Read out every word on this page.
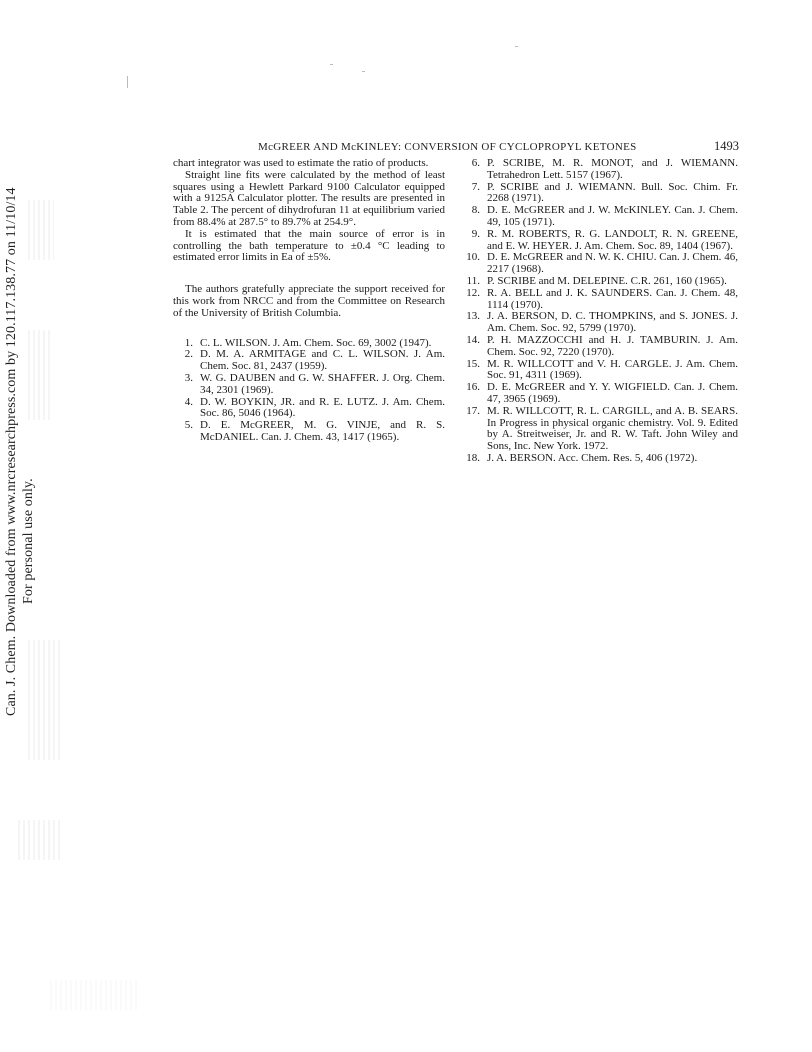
Can. J. Chem. Downloaded from www.nrcresearchpress.com by 120.117.138.77 on 11/10/14 For personal use only.
McGREER AND McKINLEY: CONVERSION OF CYCLOPROPYL KETONES	1493

chart integrator was used to estimate the ratio of products.

Straight line fits were calculated by the method of least squares using a Hewlett Parkard 9100 Calculator equipped with a 9125A Calculator plotter. The results are presented in Table 2. The percent of dihydrofuran 11 at equilibrium varied from 88.4% at 287.5° to 89.7% at 254.9°.

It is estimated that the main source of error is in controlling the bath temperature to ±0.4 °C leading to estimated error limits in Ea of ±5%.

The authors gratefully appreciate the support received for this work from NRCC and from the Committee on Research of the University of British Columbia.

1. C. L. WILSON. J. Am. Chem. Soc. 69, 3002 (1947).
2. D. M. A. ARMITAGE and C. L. WILSON. J. Am. Chem. Soc. 81, 2437 (1959).
3. W. G. DAUBEN and G. W. SHAFFER. J. Org. Chem. 34, 2301 (1969).
4. D. W. BOYKIN, JR. and R. E. LUTZ. J. Am. Chem. Soc. 86, 5046 (1964).
5. D. E. McGREER, M. G. VINJE, and R. S. McDANIEL. Can. J. Chem. 43, 1417 (1965).
6. P. SCRIBE, M. R. MONOT, and J. WIEMANN. Tetrahedron Lett. 5157 (1967).
7. P. SCRIBE and J. WIEMANN. Bull. Soc. Chim. Fr. 2268 (1971).
8. D. E. McGREER and J. W. McKINLEY. Can. J. Chem. 49, 105 (1971).
9. R. M. ROBERTS, R. G. LANDOLT, R. N. GREENE, and E. W. HEYER. J. Am. Chem. Soc. 89, 1404 (1967).
10. D. E. McGREER and N. W. K. CHIU. Can. J. Chem. 46, 2217 (1968).
11. P. SCRIBE and M. DELEPINE. C.R. 261, 160 (1965).
12. R. A. BELL and J. K. SAUNDERS. Can. J. Chem. 48, 1114 (1970).
13. J. A. BERSON, D. C. THOMPKINS, and S. JONES. J. Am. Chem. Soc. 92, 5799 (1970).
14. P. H. MAZZOCCHI and H. J. TAMBURIN. J. Am. Chem. Soc. 92, 7220 (1970).
15. M. R. WILLCOTT and V. H. CARGLE. J. Am. Chem. Soc. 91, 4311 (1969).
16. D. E. McGREER and Y. Y. WIGFIELD. Can. J. Chem. 47, 3965 (1969).
17. M. R. WILLCOTT, R. L. CARGILL, and A. B. SEARS. In Progress in physical organic chemistry. Vol. 9. Edited by A. Streitweiser, Jr. and R. W. Taft. John Wiley and Sons, Inc. New York. 1972.
18. J. A. BERSON. Acc. Chem. Res. 5, 406 (1972).
